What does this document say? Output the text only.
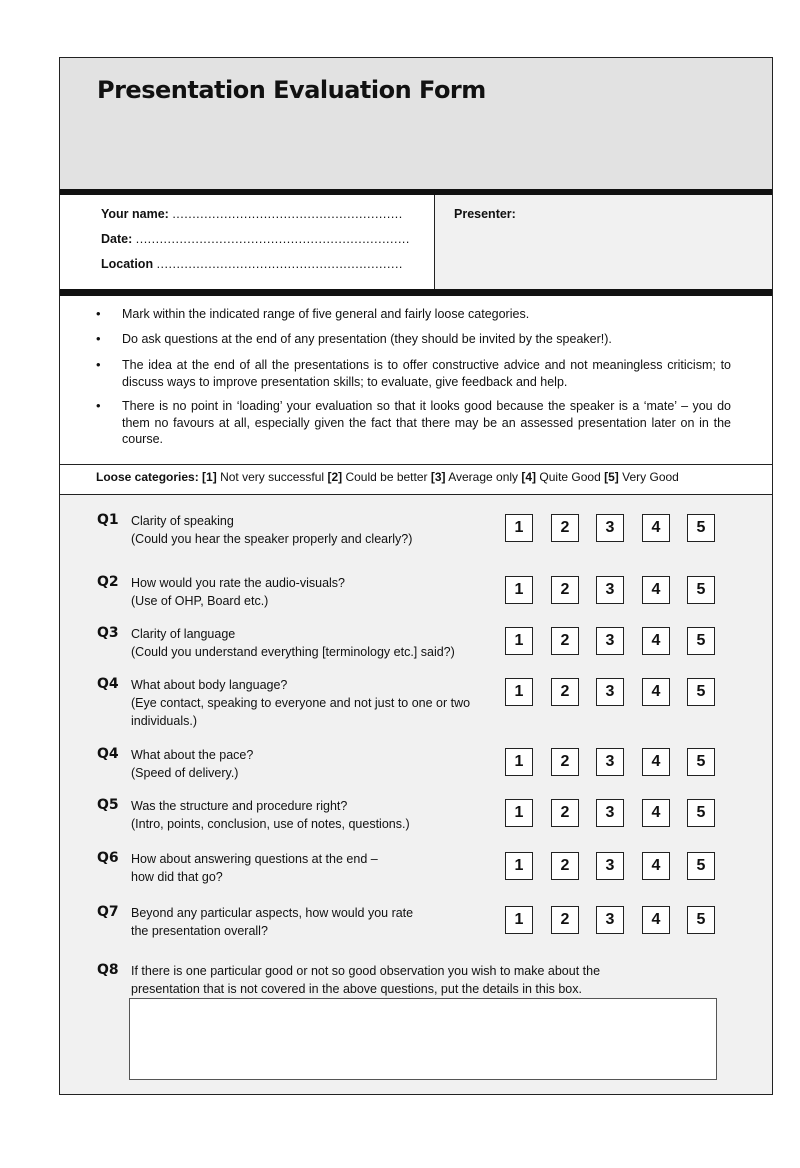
Presentation Evaluation Form
Your name: ..........................................................
Date: .....................................................................
Location ..............................................................
Presenter:
• Mark within the indicated range of five general and fairly loose categories.
• Do ask questions at the end of any presentation (they should be invited by the speaker!).
• The idea at the end of all the presentations is to offer constructive advice and not meaningless criticism; to discuss ways to improve presentation skills; to evaluate, give feedback and help.
• There is no point in ‘loading’ your evaluation so that it looks good because the speaker is a ‘mate’ – you do them no favours at all, especially given the fact that there may be an assessed presentation later on in the course.
Loose categories: [1] Not very successful [2] Could be better [3] Average only [4] Quite Good [5] Very Good
Q8 If there is one particular good or not so good observation you wish to make about the presentation that is not covered in the above questions, put the details in this box.
Q1 Clarity of speaking
(Could you hear the speaker properly and clearly?)
1	2	3	4	5
Q2 How would you rate the audio-visuals?
(Use of OHP, Board etc.)
1	2	3	4	5
Q3 Clarity of language
(Could you understand everything [terminology etc.] said?)
1	2	3	4	5
Q4 What about body language?
(Eye contact, speaking to everyone and not just to one or two individuals.)
1	2	3	4	5
Q4 What about the pace?
(Speed of delivery.)
1	2	3	4	5
Q5 Was the structure and procedure right?
(Intro, points, conclusion, use of notes, questions.)
1	2	3	4	5
Q6 How about answering questions at the end –
how did that go?
1	2	3	4	5
Q7 Beyond any particular aspects, how would you rate
the presentation overall?
1	2	3	4	5
